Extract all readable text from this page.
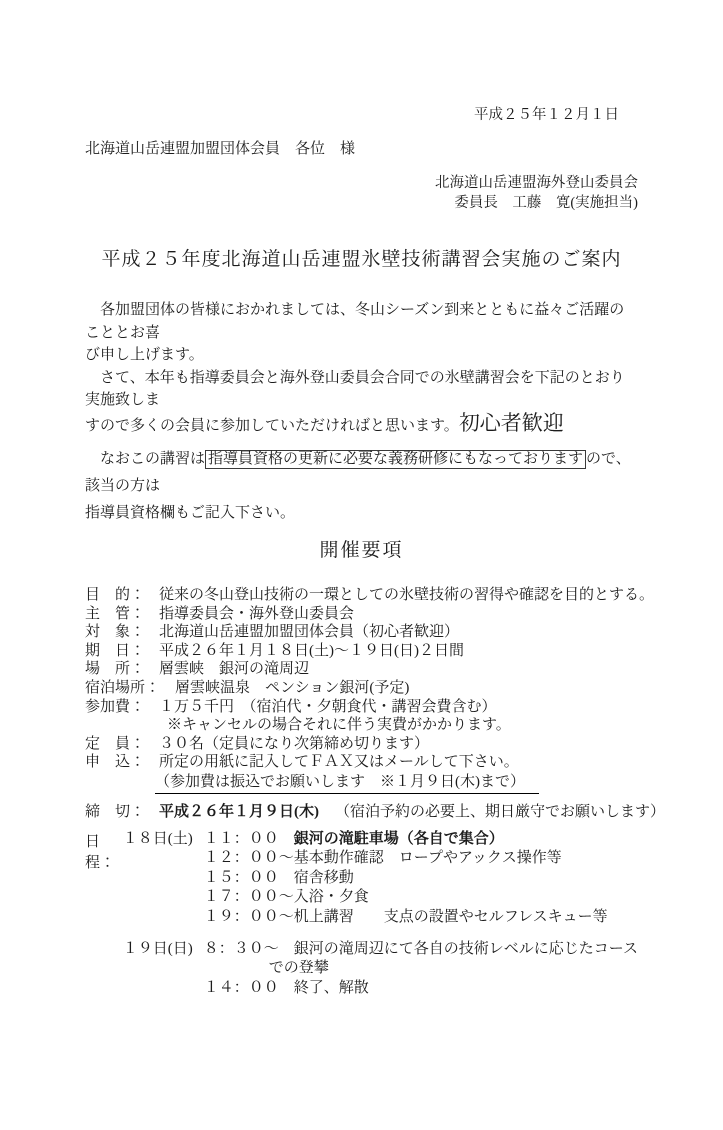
平成２５年１２月１日
北海道山岳連盟加盟団体会員　各位　様
北海道山岳連盟海外登山委員会
委員長　工藤　寛(実施担当)
平成２５年度北海道山岳連盟氷壁技術講習会実施のご案内
　各加盟団体の皆様におかれましては、冬山シーズン到来とともに益々ご活躍のこととお喜
び申し上げます。
　さて、本年も指導委員会と海外登山委員会合同での氷壁講習会を下記のとおり実施致しま
すので多くの会員に参加していただければと思います。初心者歓迎
　なおこの講習は 指導員資格の更新に必要な義務研修にもなっております ので、該当の方は
指導員資格欄もご記入下さい。
開催要項
目　的： 従来の冬山登山技術の一環としての氷壁技術の習得や確認を目的とする。
主　管： 指導委員会・海外登山委員会
対　象： 北海道山岳連盟加盟団体会員（初心者歓迎）
期　日： 平成２６年１月１８日(土)～１９日(日)２日間
場　所： 層雲峡　銀河の滝周辺
宿泊場所： 層雲峡温泉　ペンション銀河(予定)
参加費： １万５千円　（宿泊代・夕朝食代・講習会費含む）
※キャンセルの場合それに伴う実費がかかります。
定　員： ３０名（定員になり次第締め切ります）
申　込： 所定の用紙に記入してＦＡＸ又はメールして下さい。
（参加費は振込でお願いします　※１月９日(木)まで）
締　切： 平成２６年１月９日(木) （宿泊予約の必要上、期日厳守でお願いします）
日　程：
１８日(土) １１：００ 銀河の滝駐車場（各自で集合）
１２：００～ 基本動作確認　ロープやアックス操作等
１５：００ 宿舎移動
１７：００～ 入浴・夕食
１９：００～ 机上講習　　支点の設置やセルフレスキュー等
１９日(日) ８：３０～ 銀河の滝周辺にて各自の技術レベルに応じたコース
での登攀
１４：００ 終了、解散
